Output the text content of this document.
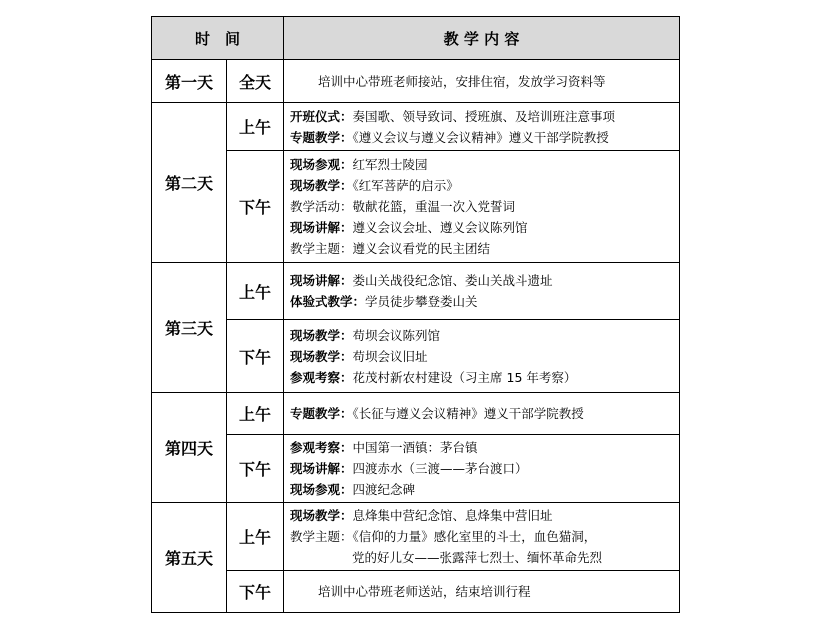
时　间		教 学 内 容
第一天	全天	培训中心带班老师接站，安排住宿，发放学习资料等

第二天	上午	开班仪式：奏国歌、领导致词、授班旗、及培训班注意事项
专题教学：《遵义会议与遵义会议精神》遵义干部学院教授

	下午	现场参观：红军烈士陵园
现场教学：《红军菩萨的启示》
教学活动：敬献花篮，重温一次入党誓词
现场讲解：遵义会议会址、遵义会议陈列馆
教学主题：遵义会议看党的民主团结

第三天	上午	现场讲解：娄山关战役纪念馆、娄山关战斗遗址
体验式教学：学员徒步攀登娄山关

	下午	现场教学：苟坝会议陈列馆
现场教学：苟坝会议旧址
参观考察：花茂村新农村建设（习主席 15 年考察）

第四天	上午	专题教学：《长征与遵义会议精神》遵义干部学院教授

	下午	参观考察：中国第一酒镇：茅台镇
现场讲解：四渡赤水（三渡——茅台渡口）
现场参观：四渡纪念碑

第五天	上午	现场教学：息烽集中营纪念馆、息烽集中营旧址
教学主题：《信仰的力量》感化室里的斗士，血色猫洞，
党的好儿女——张露萍七烈士、缅怀革命先烈

	下午	培训中心带班老师送站，结束培训行程
